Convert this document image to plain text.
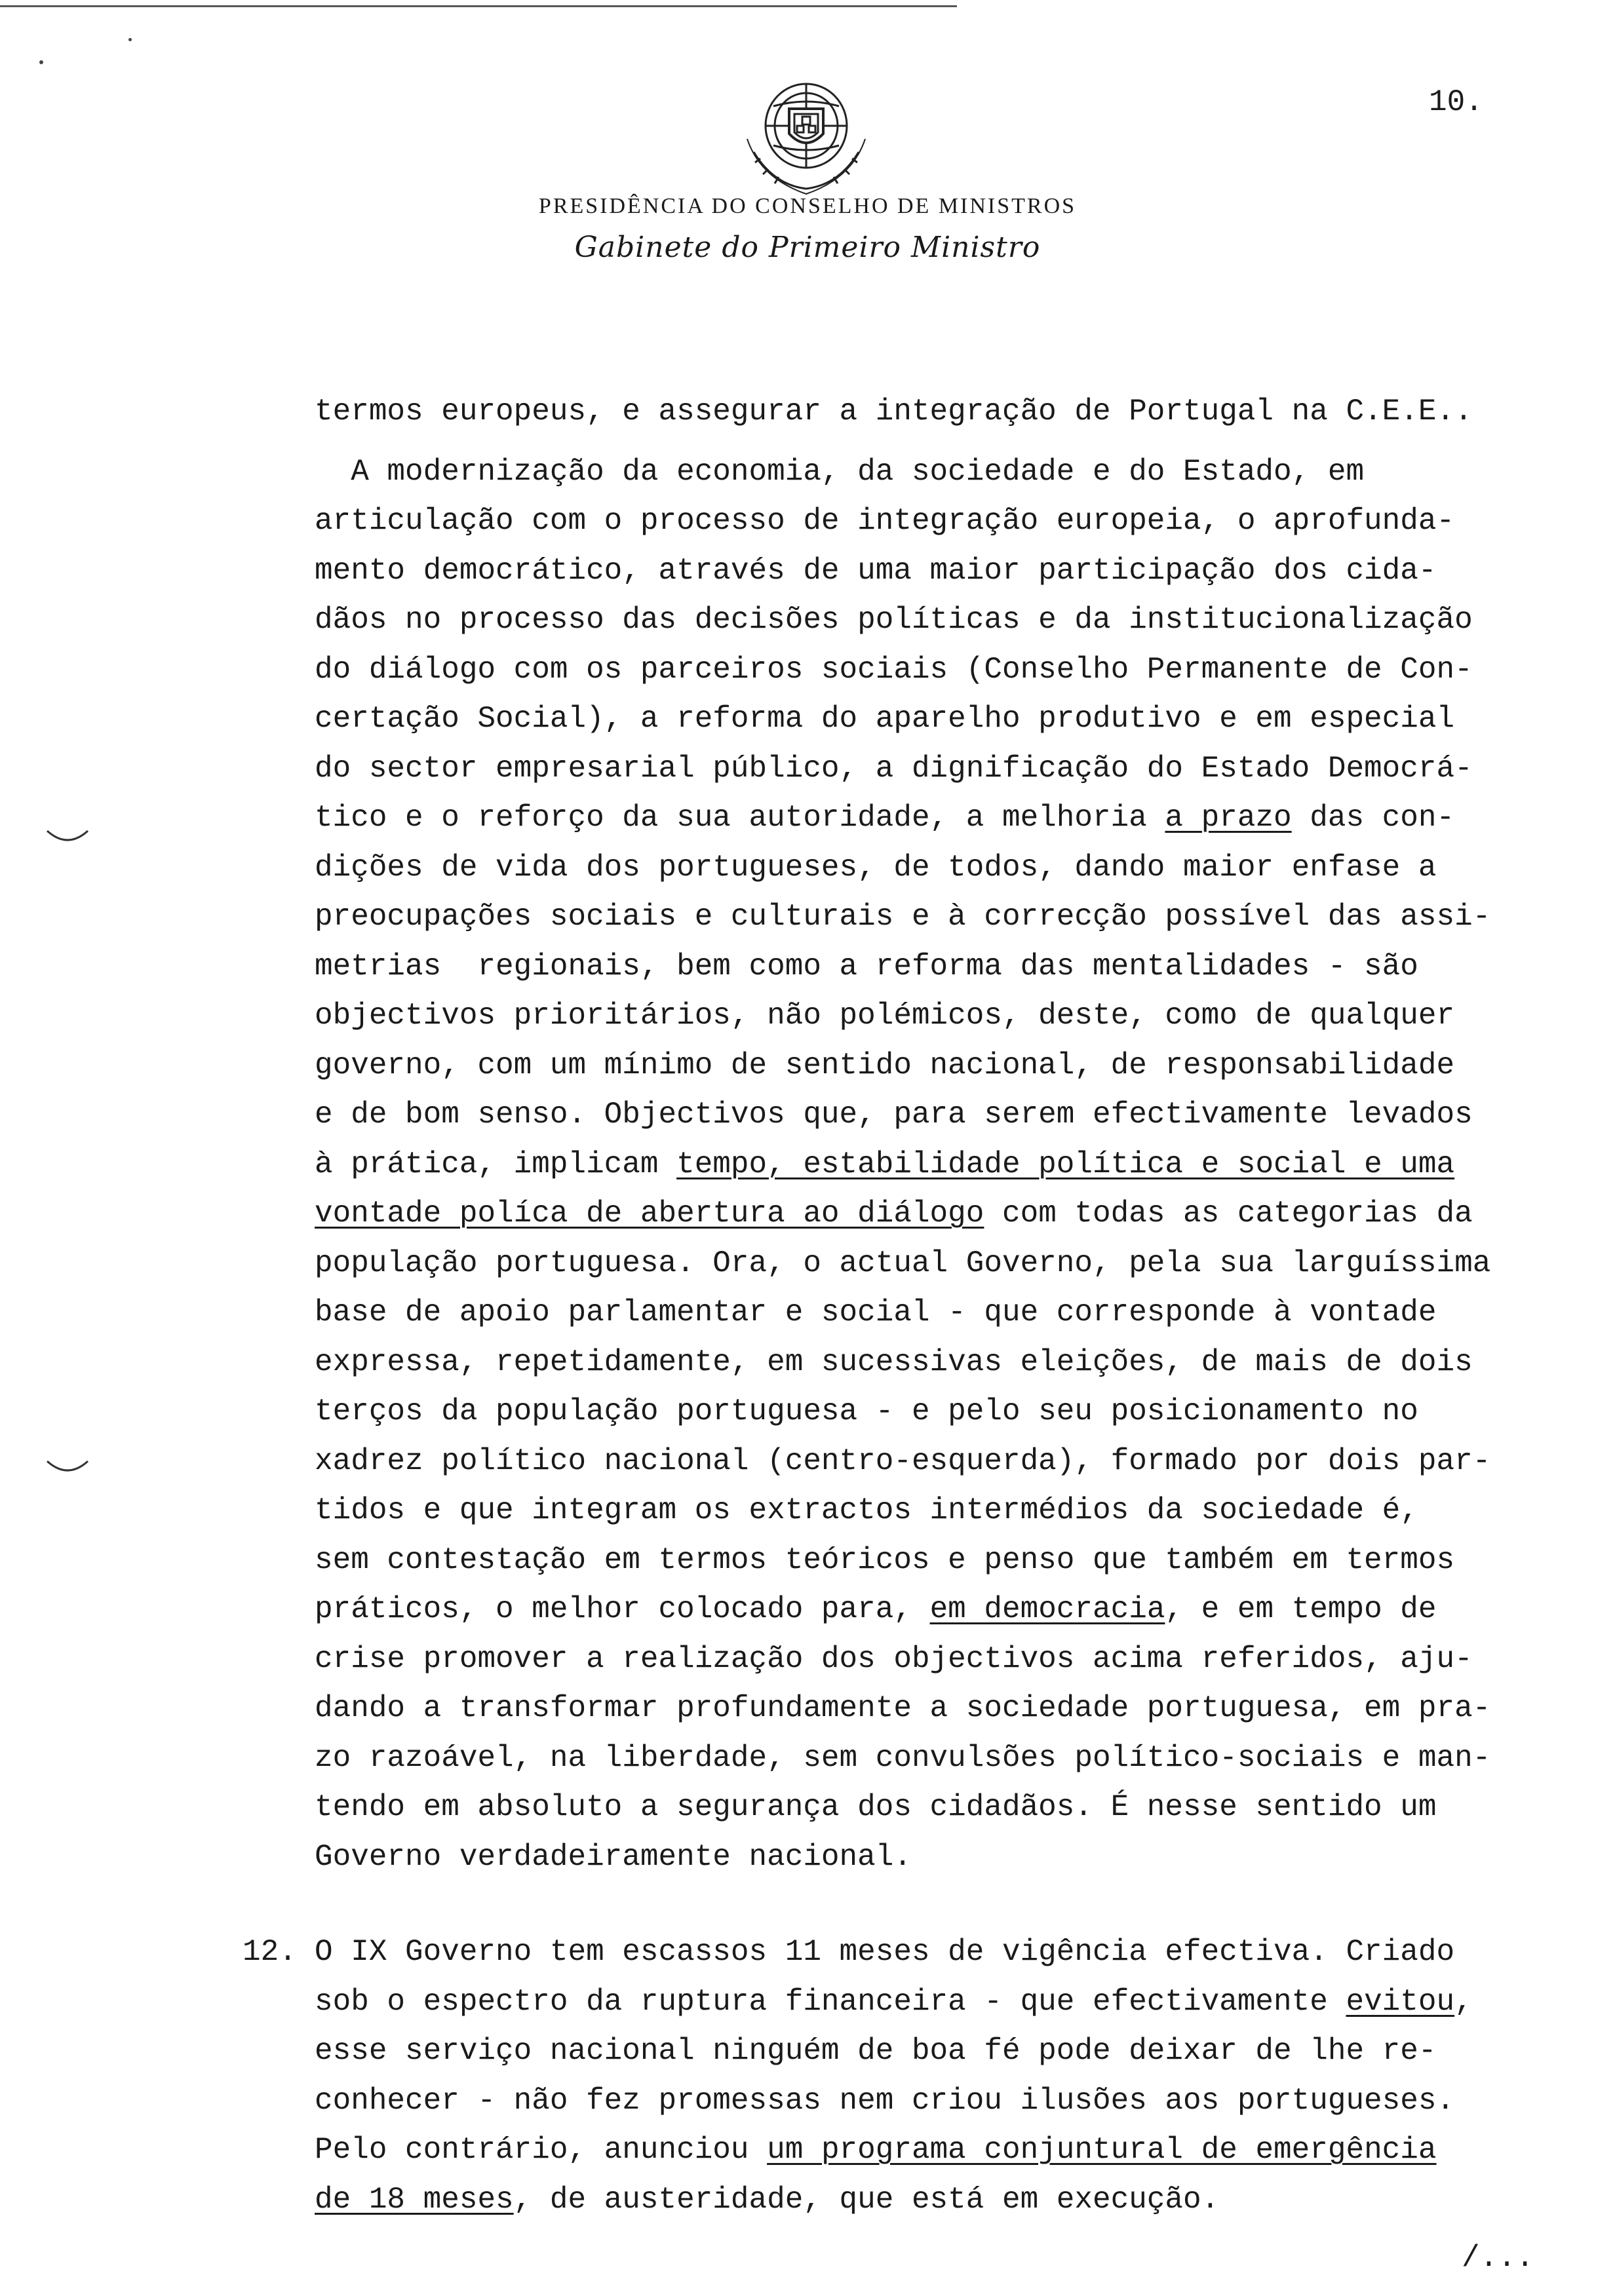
10.
PRESIDÊNCIA DO CONSELHO DE MINISTROS
Gabinete do Primeiro Ministro
termos europeus, e assegurar a integração de Portugal na C.E.E..
A modernização da economia, da sociedade e do Estado, em
articulação com o processo de integração europeia, o aprofunda-
mento democrático, através de uma maior participação dos cida-
dãos no processo das decisões políticas e da institucionalização
do diálogo com os parceiros sociais (Conselho Permanente de Con-
certação Social), a reforma do aparelho produtivo e em especial
do sector empresarial público, a dignificação do Estado Democrá-
tico e o reforço da sua autoridade, a melhoria a prazo das con-
dições de vida dos portugueses, de todos, dando maior enfase a
preocupações sociais e culturais e à correcção possível das assi-
metrias  regionais, bem como a reforma das mentalidades - são
objectivos prioritários, não polémicos, deste, como de qualquer
governo, com um mínimo de sentido nacional, de responsabilidade
e de bom senso. Objectivos que, para serem efectivamente levados
à prática, implicam tempo, estabilidade política e social e uma
vontade políca de abertura ao diálogo com todas as categorias da
população portuguesa. Ora, o actual Governo, pela sua larguíssima
base de apoio parlamentar e social - que corresponde à vontade
expressa, repetidamente, em sucessivas eleições, de mais de dois
terços da população portuguesa - e pelo seu posicionamento no
xadrez político nacional (centro-esquerda), formado por dois par-
tidos e que integram os extractos intermédios da sociedade é,
sem contestação em termos teóricos e penso que também em termos
práticos, o melhor colocado para, em democracia, e em tempo de
crise promover a realização dos objectivos acima referidos, aju-
dando a transformar profundamente a sociedade portuguesa, em pra-
zo razoável, na liberdade, sem convulsões político-sociais e man-
tendo em absoluto a segurança dos cidadãos. É nesse sentido um
Governo verdadeiramente nacional.
O IX Governo tem escassos 11 meses de vigência efectiva. Criado
sob o espectro da ruptura financeira - que efectivamente evitou,
esse serviço nacional ninguém de boa fé pode deixar de lhe re-
conhecer - não fez promessas nem criou ilusões aos portugueses.
Pelo contrário, anunciou um programa conjuntural de emergência
de 18 meses, de austeridade, que está em execução.
/...
12.
